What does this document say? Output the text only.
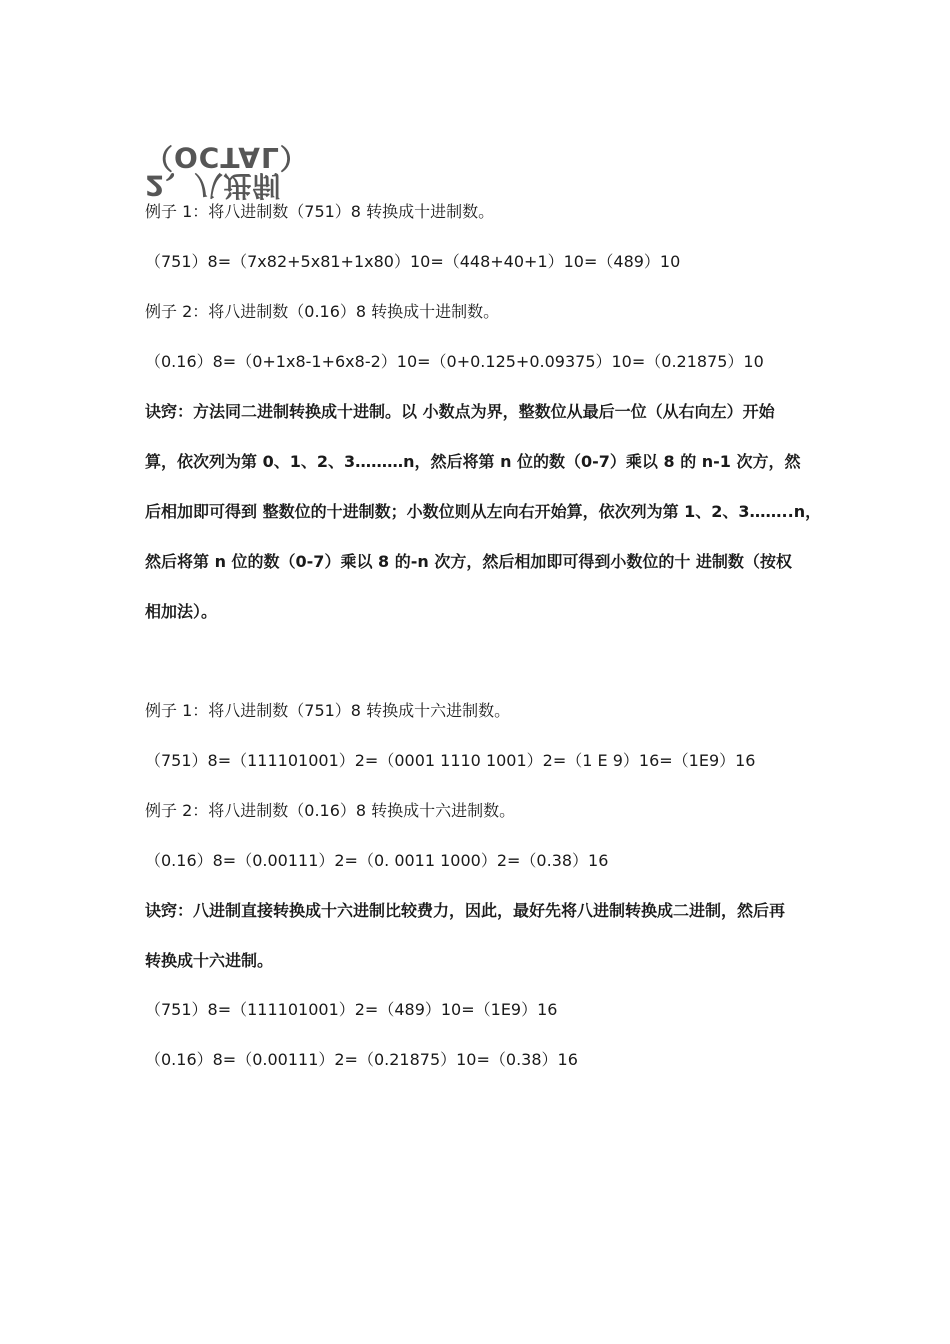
2、八进制（OCTAL）
例子 1：将八进制数（751）8 转换成十进制数。
（751）8=（7x82+5x81+1x80）10=（448+40+1）10=（489）10
例子 2：将八进制数（0.16）8 转换成十进制数。
（0.16）8=（0+1x8-1+6x8-2）10=（0+0.125+0.09375）10=（0.21875）10
诀窍：方法同二进制转换成十进制。以 小数点为界，整数位从最后一位（从右向左）开始
算，依次列为第 0、1、2、3………n，然后将第 n 位的数（0-7）乘以 8 的 n-1 次方，然
后相加即可得到 整数位的十进制数；小数位则从左向右开始算，依次列为第 1、2、3……..n，
然后将第 n 位的数（0-7）乘以 8 的-n 次方，然后相加即可得到小数位的十 进制数（按权
相加法）。
例子 1：将八进制数（751）8 转换成十六进制数。
（751）8=（111101001）2=（0001 1110 1001）2=（1 E 9）16=（1E9）16
例子 2：将八进制数（0.16）8 转换成十六进制数。
（0.16）8=（0.00111）2=（0. 0011 1000）2=（0.38）16
诀窍：八进制直接转换成十六进制比较费力，因此，最好先将八进制转换成二进制，然后再
转换成十六进制。
（751）8=（111101001）2=（489）10=（1E9）16
（0.16）8=（0.00111）2=（0.21875）10=（0.38）16
